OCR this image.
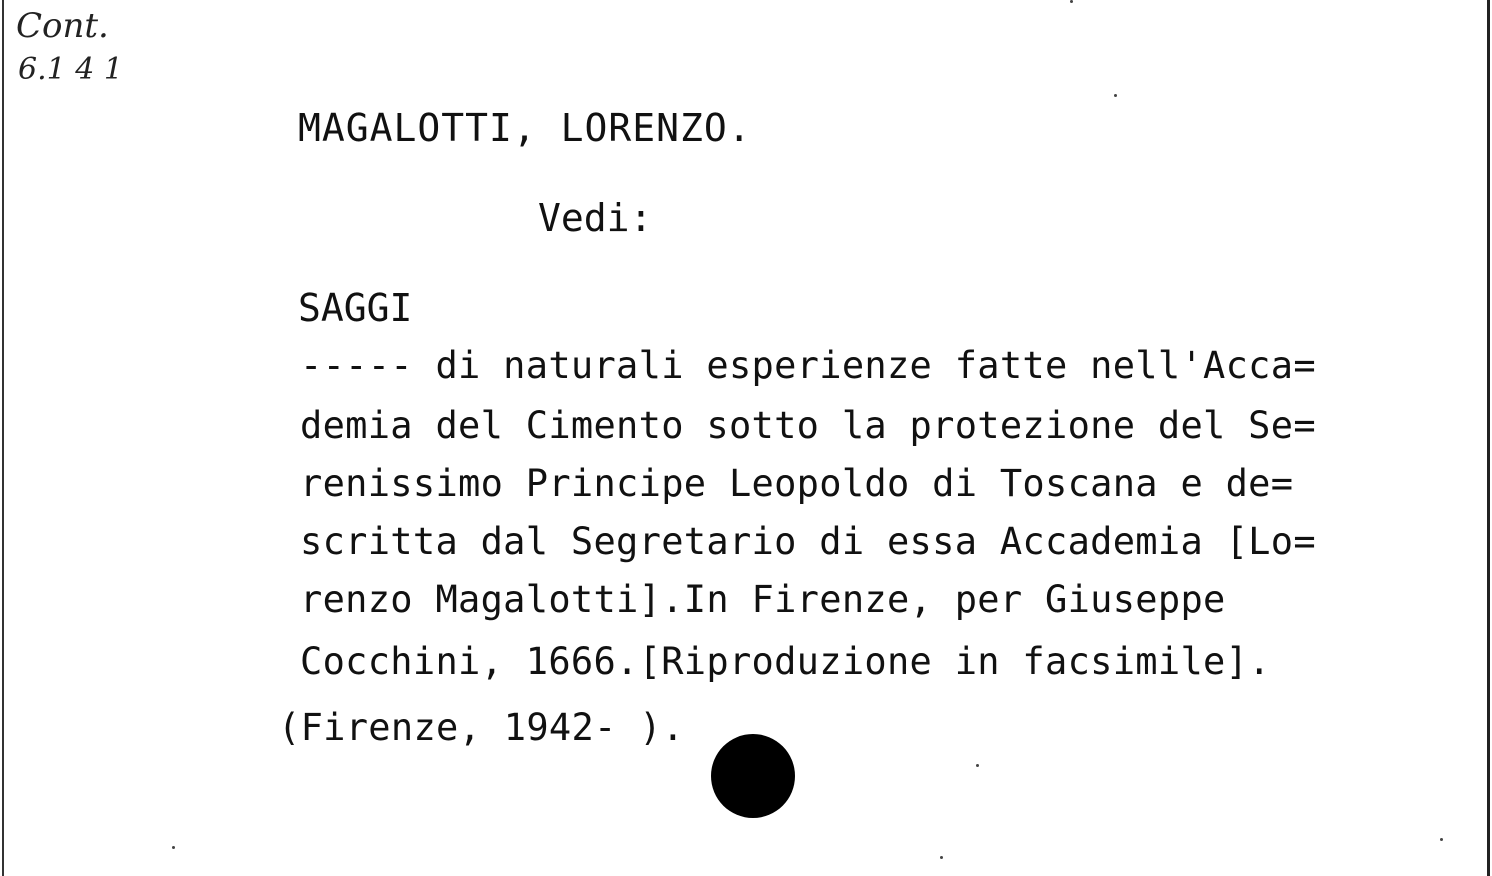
Cont.
6.1 4 1
MAGALOTTI, LORENZO.
Vedi:
SAGGI
----- di naturali esperienze fatte nell'Acca=
demia del Cimento sotto la protezione del Se=
renissimo Principe Leopoldo di Toscana e de=
scritta dal Segretario di essa Accademia [Lo=
renzo Magalotti].In Firenze, per Giuseppe
Cocchini, 1666.[Riproduzione in facsimile].
(Firenze, 1942- ).
